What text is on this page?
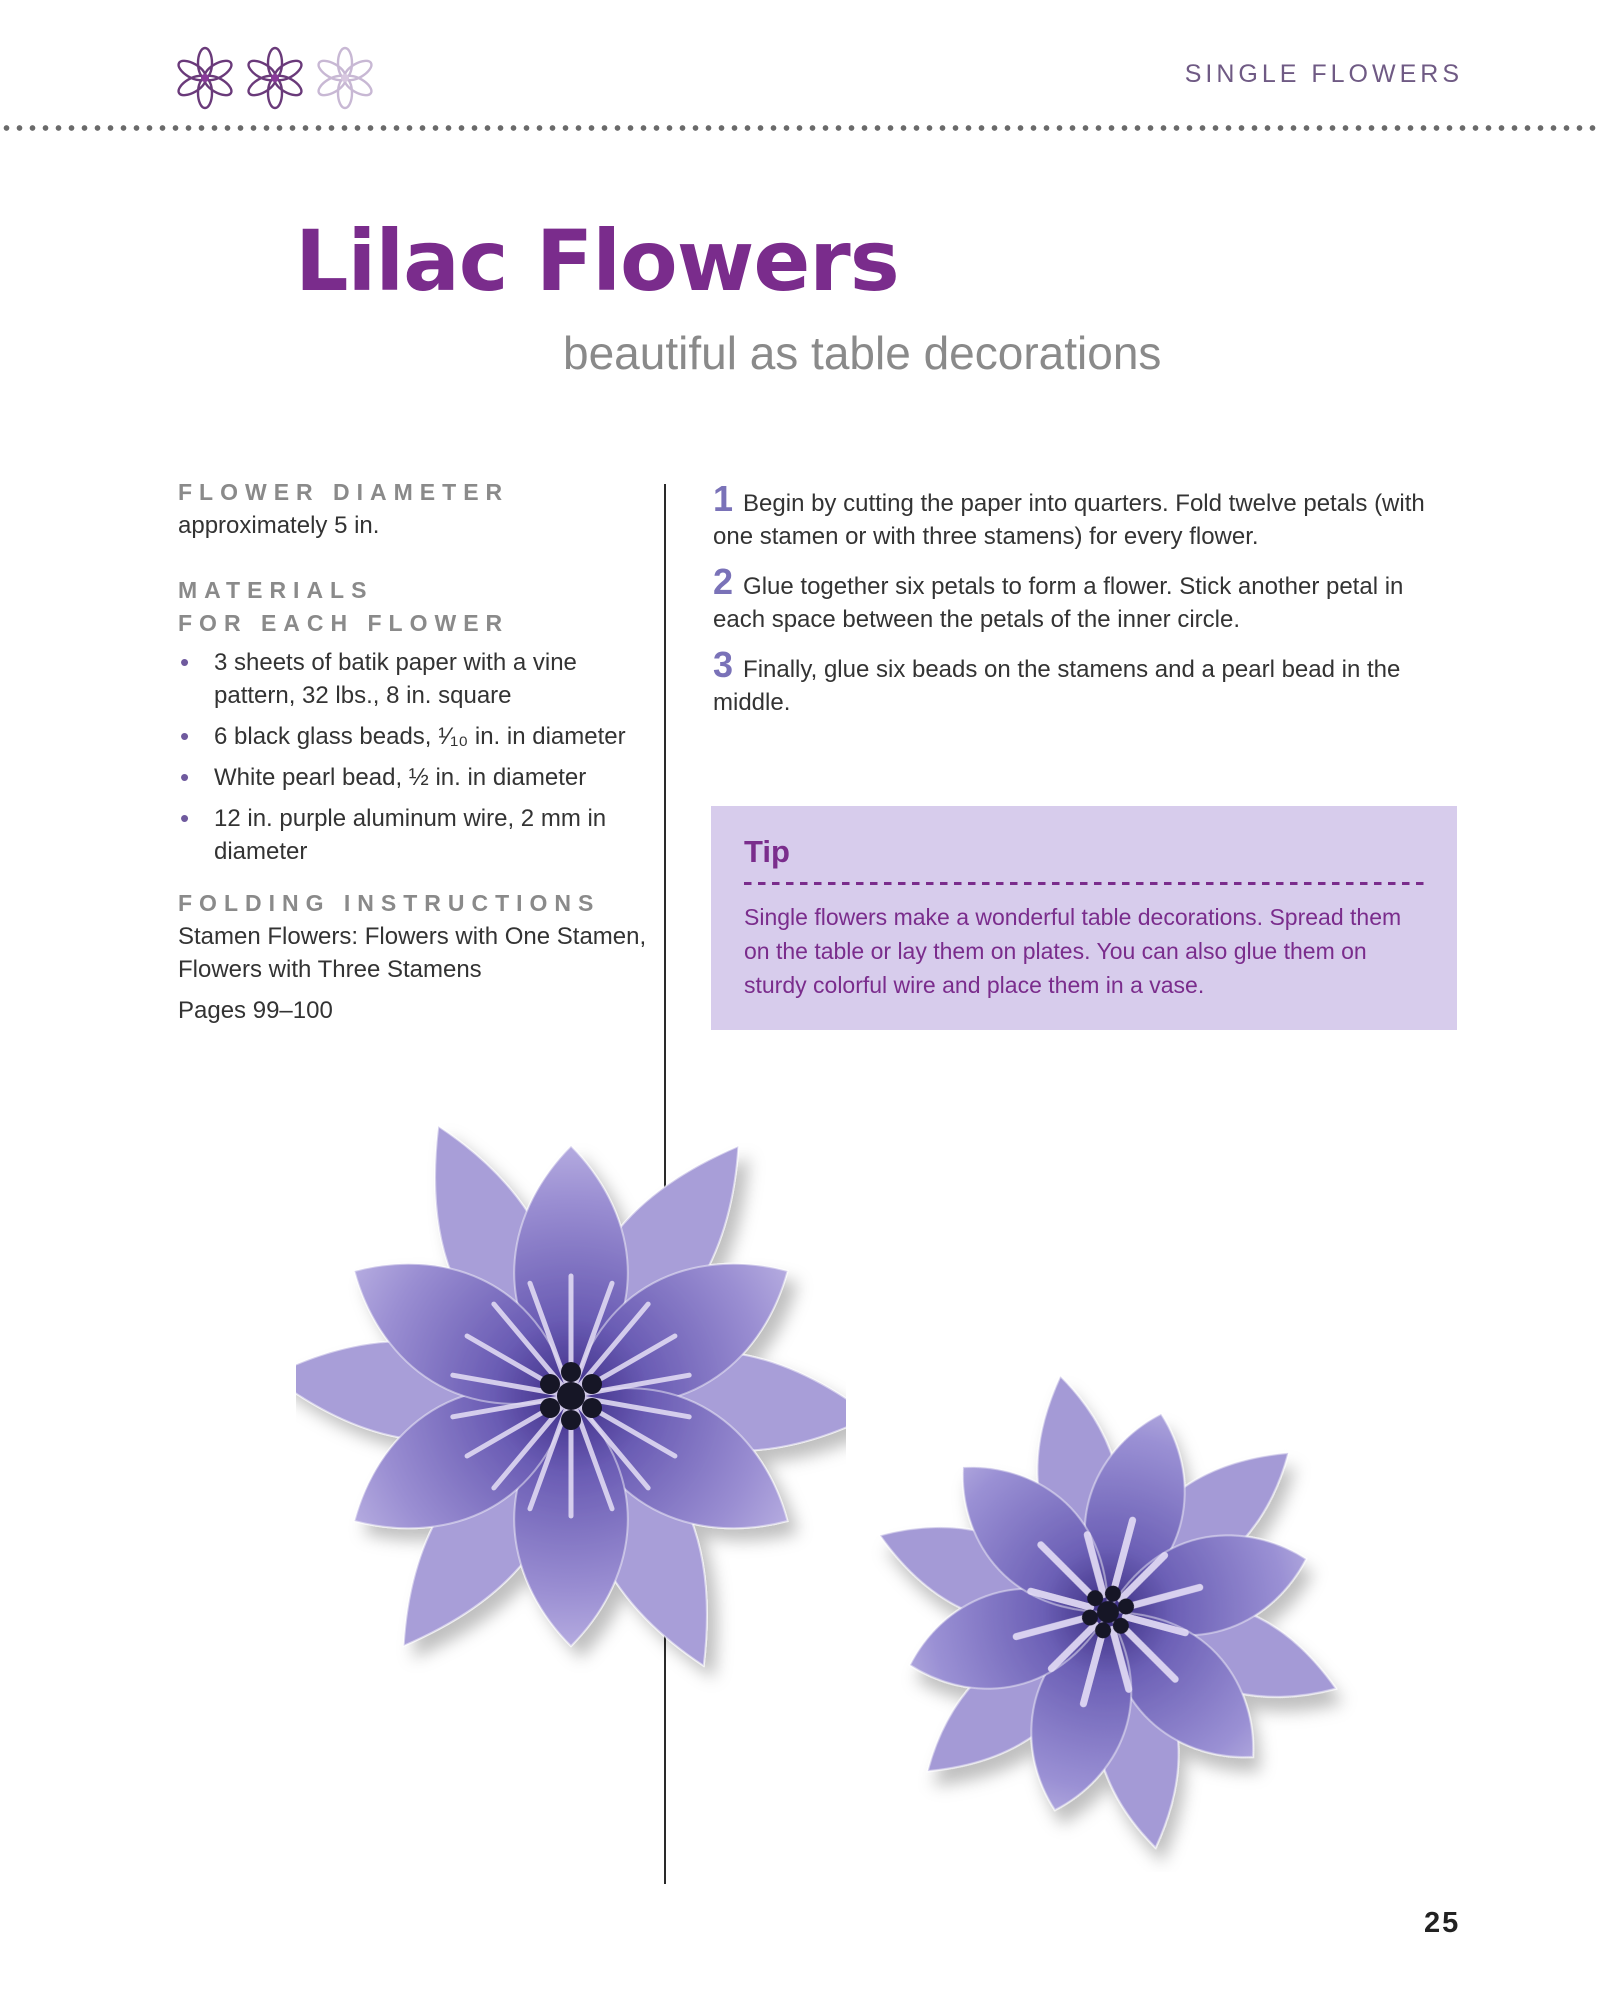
SINGLE FLOWERS
Lilac Flowers
beautiful as table decorations
FLOWER DIAMETER
approximately 5 in.
MATERIALS
FOR EACH FLOWER
• 3 sheets of batik paper with a vine pattern, 32 lbs., 8 in. square
• 6 black glass beads, ¹⁄₁₀ in. in diameter
• White pearl bead, ½ in. in diameter
• 12 in. purple aluminum wire, 2 mm in diameter
FOLDING INSTRUCTIONS
Stamen Flowers: Flowers with One Stamen, Flowers with Three Stamens
Pages 99–100
1 Begin by cutting the paper into quarters. Fold twelve petals (with one stamen or with three stamens) for every flower.
2 Glue together six petals to form a flower. Stick another petal in each space between the petals of the inner circle.
3 Finally, glue six beads on the stamens and a pearl bead in the middle.
Tip
Single flowers make a wonderful table decorations. Spread them on the table or lay them on plates. You can also glue them on sturdy colorful wire and place them in a vase.
25
